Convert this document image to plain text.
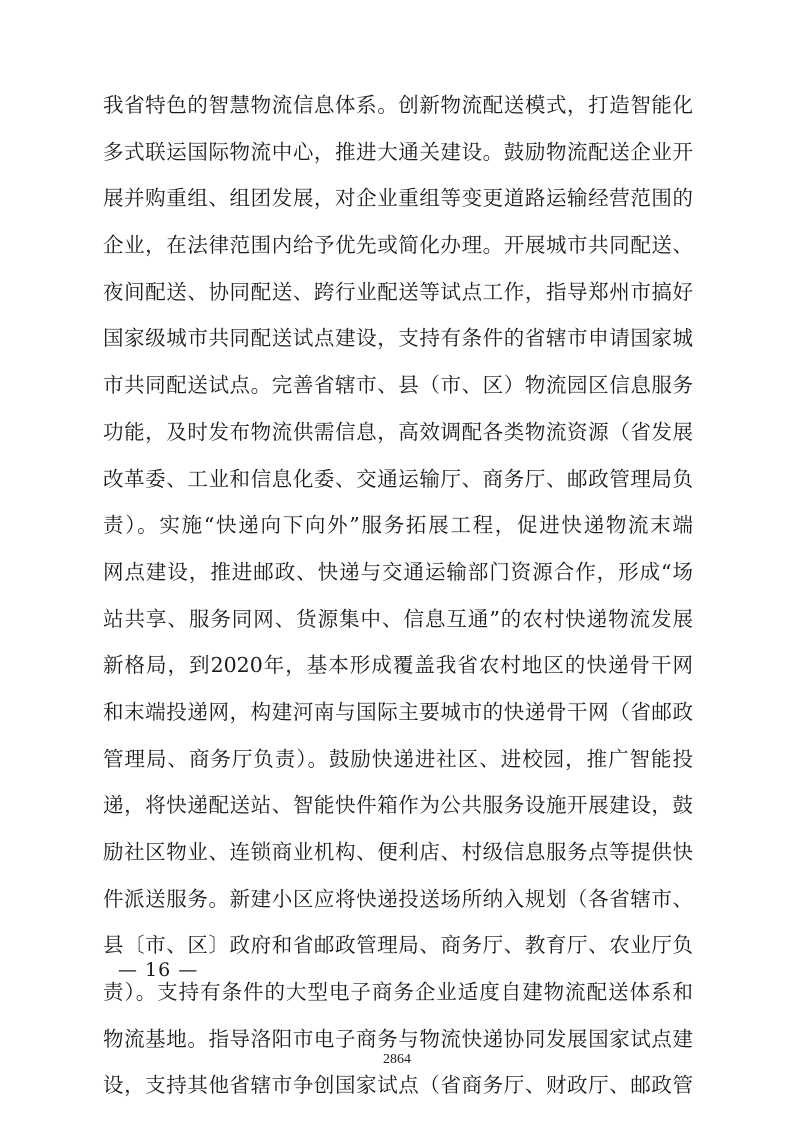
我省特色的智慧物流信息体系。创新物流配送模式，打造智能化
多式联运国际物流中心，推进大通关建设。鼓励物流配送企业开
展并购重组、组团发展，对企业重组等变更道路运输经营范围的
企业，在法律范围内给予优先或简化办理。开展城市共同配送、
夜间配送、协同配送、跨行业配送等试点工作，指导郑州市搞好
国家级城市共同配送试点建设，支持有条件的省辖市申请国家城
市共同配送试点。完善省辖市、县（市、区）物流园区信息服务
功能，及时发布物流供需信息，高效调配各类物流资源（省发展
改革委、工业和信息化委、交通运输厅、商务厅、邮政管理局负
责）。实施“快递向下向外”服务拓展工程，促进快递物流末端
网点建设，推进邮政、快递与交通运输部门资源合作，形成“场
站共享、服务同网、货源集中、信息互通”的农村快递物流发展
新格局，到2020年，基本形成覆盖我省农村地区的快递骨干网
和末端投递网，构建河南与国际主要城市的快递骨干网（省邮政
管理局、商务厅负责）。鼓励快递进社区、进校园，推广智能投
递，将快递配送站、智能快件箱作为公共服务设施开展建设，鼓
励社区物业、连锁商业机构、便利店、村级信息服务点等提供快
件派送服务。新建小区应将快递投送场所纳入规划（各省辖市、
县〔市、区〕政府和省邮政管理局、商务厅、教育厅、农业厅负
责）。支持有条件的大型电子商务企业适度自建物流配送体系和
物流基地。指导洛阳市电子商务与物流快递协同发展国家试点建
设，支持其他省辖市争创国家试点（省商务厅、财政厅、邮政管
— 16 —
2864
